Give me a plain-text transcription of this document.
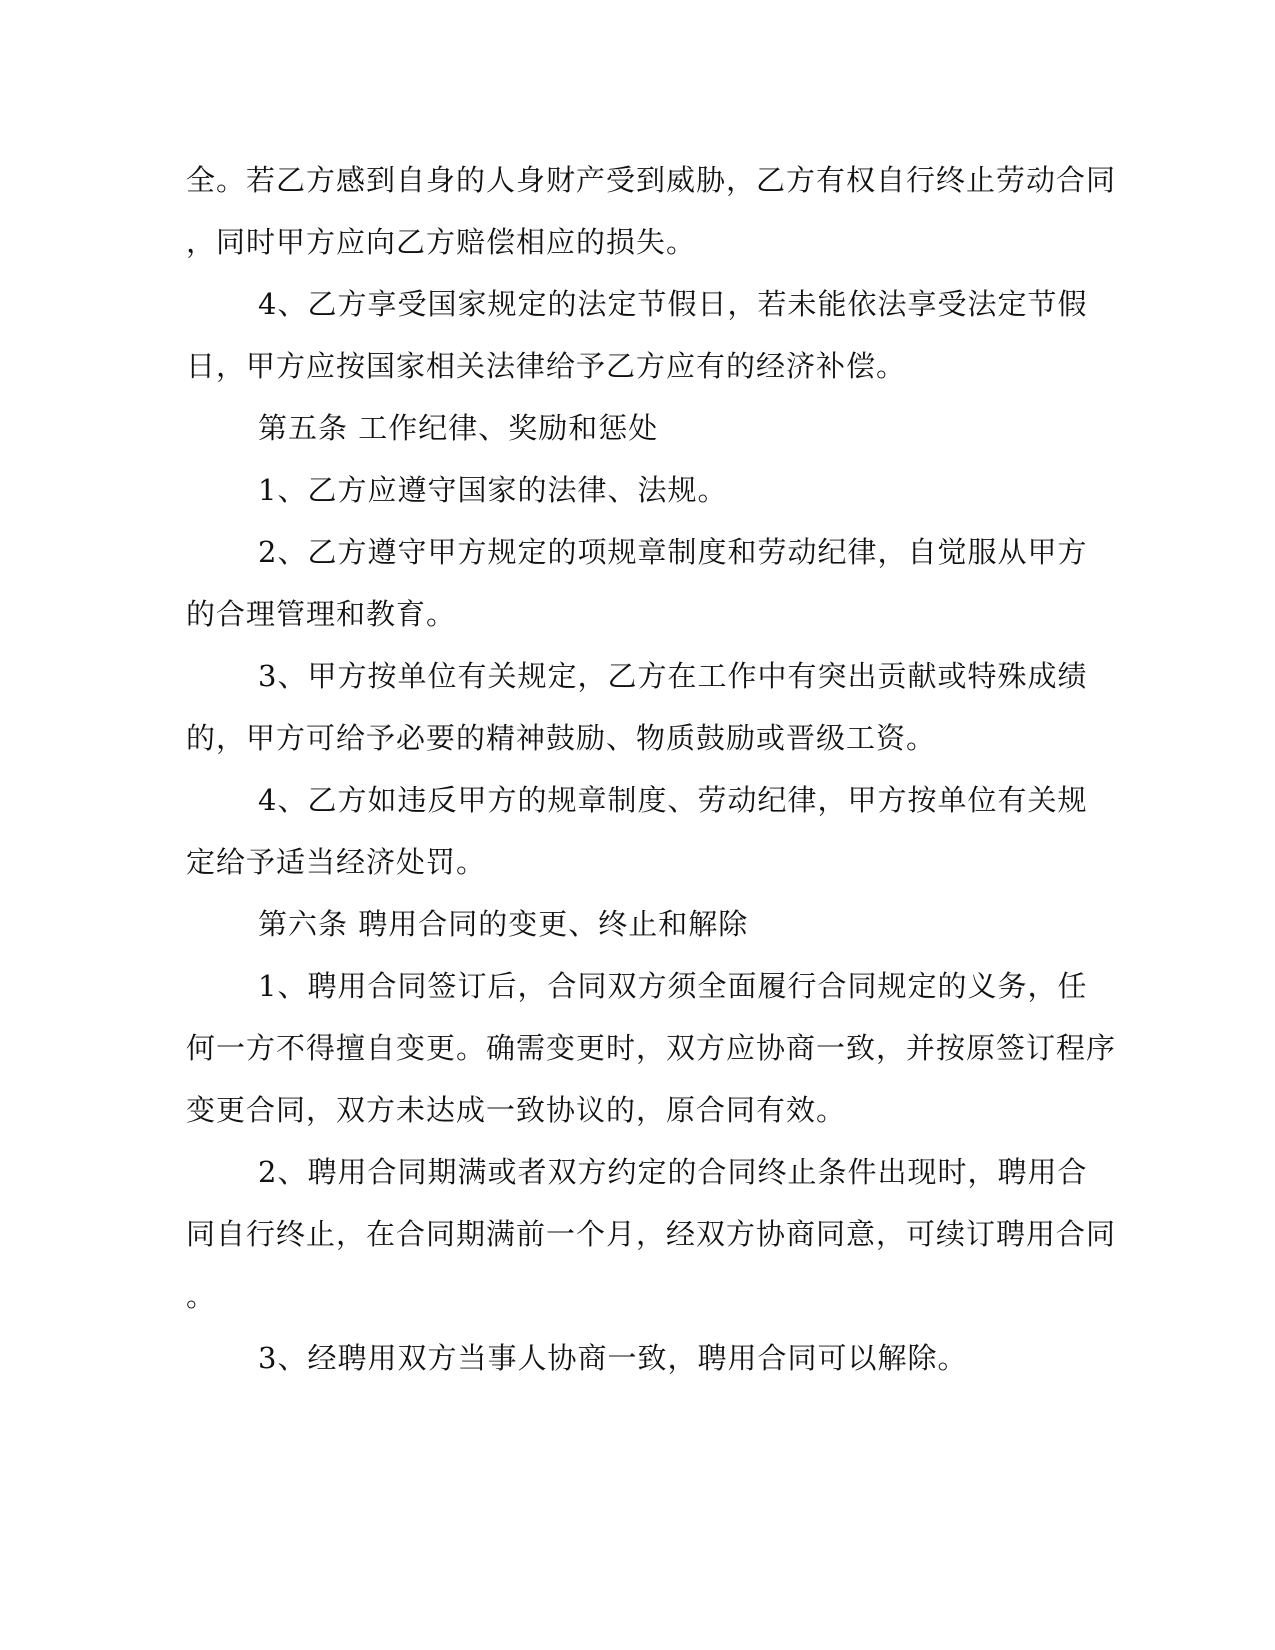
全。若乙方感到自身的人身财产受到威胁，乙方有权自行终止劳动合同
，同时甲方应向乙方赔偿相应的损失。
4、乙方享受国家规定的法定节假日，若未能依法享受法定节假
日，甲方应按国家相关法律给予乙方应有的经济补偿。
第五条 工作纪律、奖励和惩处
1、乙方应遵守国家的法律、法规。
2、乙方遵守甲方规定的项规章制度和劳动纪律，自觉服从甲方
的合理管理和教育。
3、甲方按单位有关规定，乙方在工作中有突出贡献或特殊成绩
的，甲方可给予必要的精神鼓励、物质鼓励或晋级工资。
4、乙方如违反甲方的规章制度、劳动纪律，甲方按单位有关规
定给予适当经济处罚。
第六条 聘用合同的变更、终止和解除
1、聘用合同签订后，合同双方须全面履行合同规定的义务，任
何一方不得擅自变更。确需变更时，双方应协商一致，并按原签订程序
变更合同，双方未达成一致协议的，原合同有效。
2、聘用合同期满或者双方约定的合同终止条件出现时，聘用合
同自行终止，在合同期满前一个月，经双方协商同意，可续订聘用合同
。
3、经聘用双方当事人协商一致，聘用合同可以解除。
